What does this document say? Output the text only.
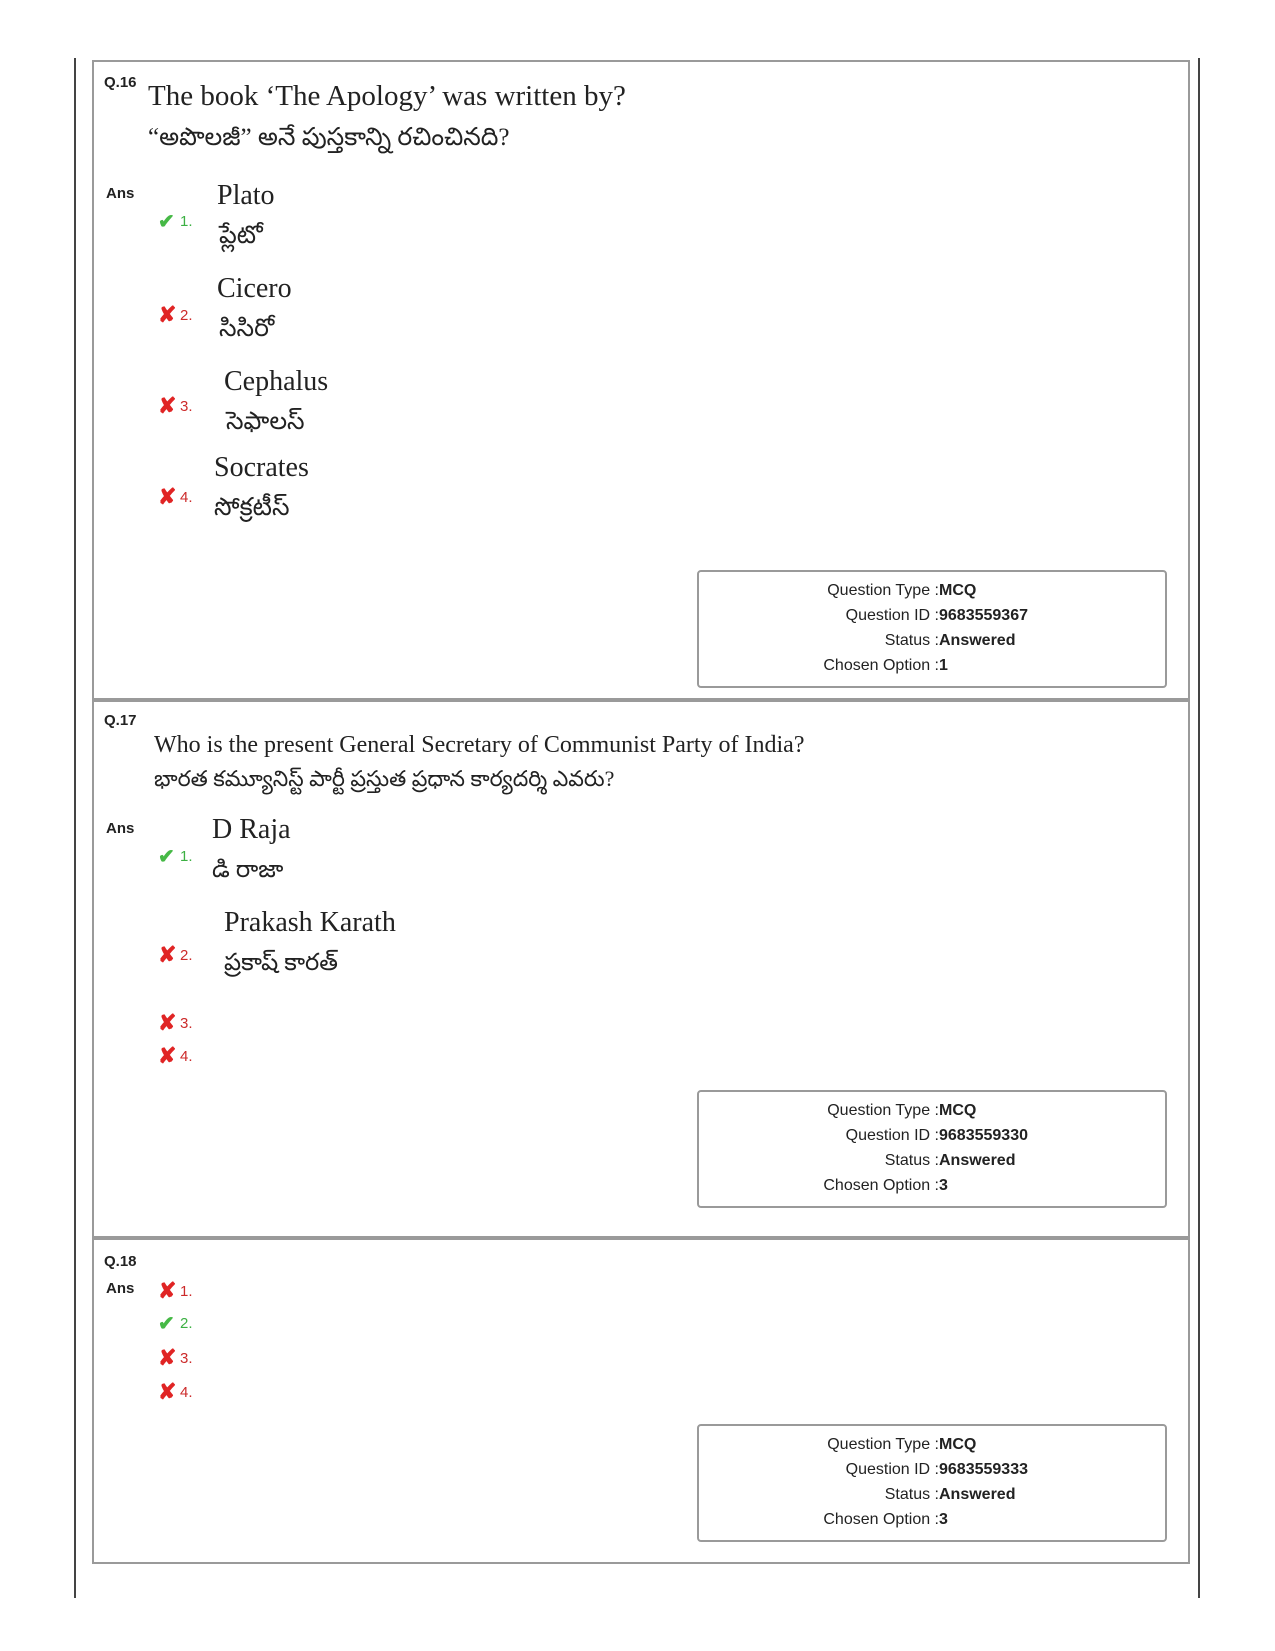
Q.16 The book ‘The Apology’ was written by?
“అపొలజీ” అనే పుస్తకాన్ని రచించినది?
Ans
✔ 1.
Plato
ప్లేటో
✘ 2.
Cicero
సిసిరో
✘ 3.
Cephalus
సెఫాలస్
✘ 4.
Socrates
సోక్రటీస్
Question Type : MCQ
Question ID : 9683559367
Status : Answered
Chosen Option : 1
Q.17
Who is the present General Secretary of Communist Party of India?
భారత కమ్యూనిస్ట్ పార్టీ ప్రస్తుత ప్రధాన కార్యదర్శి ఎవరు?
Ans
✔ 1.
D Raja
డి రాజా
✘ 2.
Prakash Karath
ప్రకాష్ కారత్
✘ 3.
✘ 4.
Question Type : MCQ
Question ID : 9683559330
Status : Answered
Chosen Option : 3
Q.18
Ans ✘ 1.
✔ 2.
✘ 3.
✘ 4.
Question Type : MCQ
Question ID : 9683559333
Status : Answered
Chosen Option : 3
